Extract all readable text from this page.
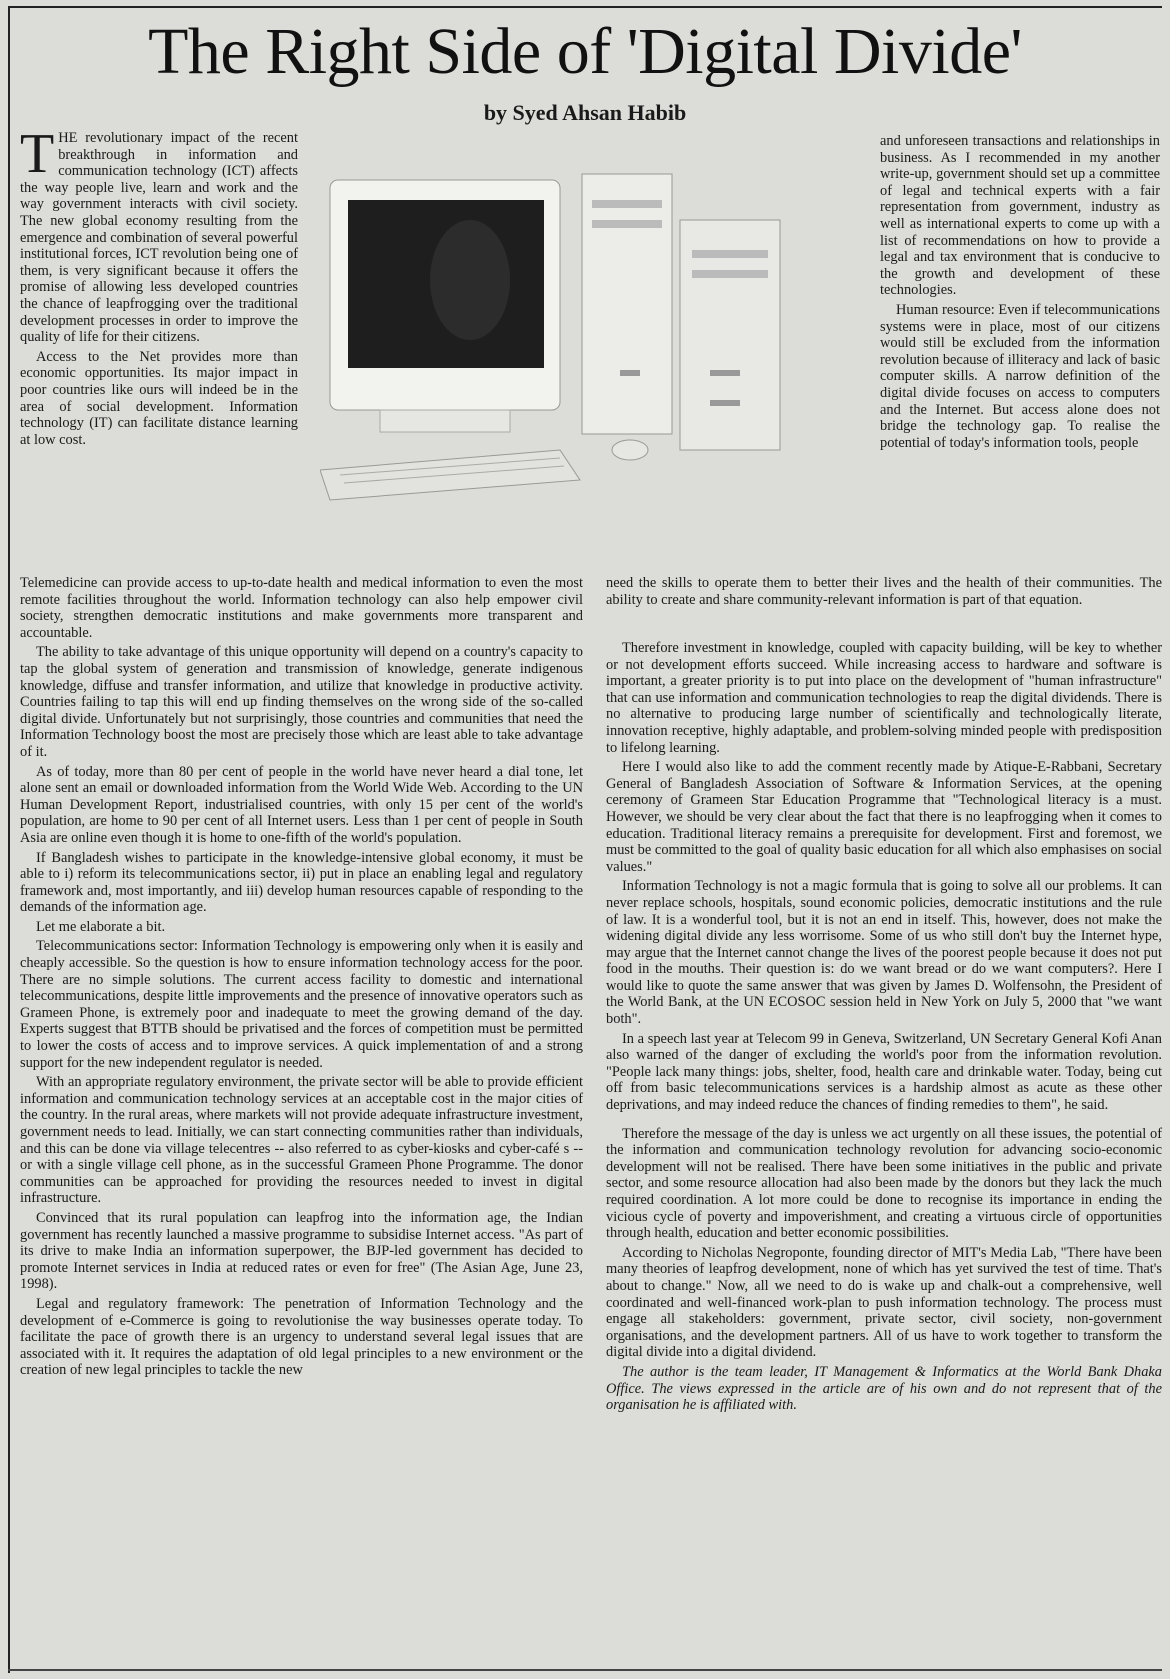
The Right Side of 'Digital Divide'
by Syed Ahsan Habib

THE revolutionary impact of the recent breakthrough in information and communication technology (ICT) affects the way people live, learn and work and the way government interacts with civil society. The new global economy resulting from the emergence and combination of several powerful institutional forces, ICT revolution being one of them, is very significant because it offers the promise of allowing less developed countries the chance of leapfrogging over the traditional development processes in order to improve the quality of life for their citizens.

Access to the Net provides more than economic opportunities. Its major impact in poor countries like ours will indeed be in the area of social development. Information technology (IT) can facilitate distance learning at low cost.

and unforeseen transactions and relationships in business. As I recommended in my another write-up, government should set up a committee of legal and technical experts with a fair representation from government, industry as well as international experts to come up with a list of recommendations on how to provide a legal and tax environment that is conducive to the growth and development of these technologies.

Human resource: Even if telecommunications systems were in place, most of our citizens would still be excluded from the information revolution because of illiteracy and lack of basic computer skills. A narrow definition of the digital divide focuses on access to computers and the Internet. But access alone does not bridge the technology gap. To realise the potential of today's information tools, people

Telemedicine can provide access to up-to-date health and medical information to even the most remote facilities throughout the world. Information technology can also help empower civil society, strengthen democratic institutions and make governments more transparent and accountable.

The ability to take advantage of this unique opportunity will depend on a country's capacity to tap the global system of generation and transmission of knowledge, generate indigenous knowledge, diffuse and transfer information, and utilize that knowledge in productive activity. Countries failing to tap this will end up finding themselves on the wrong side of the so-called digital divide. Unfortunately but not surprisingly, those countries and communities that need the Information Technology boost the most are precisely those which are least able to take advantage of it.

As of today, more than 80 per cent of people in the world have never heard a dial tone, let alone sent an email or downloaded information from the World Wide Web. According to the UN Human Development Report, industrialised countries, with only 15 per cent of the world's population, are home to 90 per cent of all Internet users. Less than 1 per cent of people in South Asia are online even though it is home to one-fifth of the world's population.

If Bangladesh wishes to participate in the knowledge-intensive global economy, it must be able to i) reform its telecommunications sector, ii) put in place an enabling legal and regulatory framework and, most importantly, and iii) develop human resources capable of responding to the demands of the information age.

Let me elaborate a bit.

Telecommunications sector: Information Technology is empowering only when it is easily and cheaply accessible. So the question is how to ensure information technology access for the poor. There are no simple solutions. The current access facility to domestic and international telecommunications, despite little improvements and the presence of innovative operators such as Grameen Phone, is extremely poor and inadequate to meet the growing demand of the day. Experts suggest that BTTB should be privatised and the forces of competition must be permitted to lower the costs of access and to improve services. A quick implementation of and a strong support for the new independent regulator is needed.

With an appropriate regulatory environment, the private sector will be able to provide efficient information and communication technology services at an acceptable cost in the major cities of the country. In the rural areas, where markets will not provide adequate infrastructure investment, government needs to lead. Initially, we can start connecting communities rather than individuals, and this can be done via village telecentres -- also referred to as cyber-kiosks and cyber-café s -- or with a single village cell phone, as in the successful Grameen Phone Programme. The donor communities can be approached for providing the resources needed to invest in digital infrastructure.

Convinced that its rural population can leapfrog into the information age, the Indian government has recently launched a massive programme to subsidise Internet access. "As part of its drive to make India an information superpower, the BJP-led government has decided to promote Internet services in India at reduced rates or even for free" (The Asian Age, June 23, 1998).

Legal and regulatory framework: The penetration of Information Technology and the development of e-Commerce is going to revolutionise the way businesses operate today. To facilitate the pace of growth there is an urgency to understand several legal issues that are associated with it. It requires the adaptation of old legal principles to a new environment or the creation of new legal principles to tackle the new

need the skills to operate them to better their lives and the health of their communities. The ability to create and share community-relevant information is part of that equation.

Therefore investment in knowledge, coupled with capacity building, will be key to whether or not development efforts succeed. While increasing access to hardware and software is important, a greater priority is to put into place on the development of "human infrastructure" that can use information and communication technologies to reap the digital dividends. There is no alternative to producing large number of scientifically and technologically literate, innovation receptive, highly adaptable, and problem-solving minded people with predisposition to lifelong learning.

Here I would also like to add the comment recently made by Atique-E-Rabbani, Secretary General of Bangladesh Association of Software & Information Services, at the opening ceremony of Grameen Star Education Programme that "Technological literacy is a must. However, we should be very clear about the fact that there is no leapfrogging when it comes to education. Traditional literacy remains a prerequisite for development. First and foremost, we must be committed to the goal of quality basic education for all which also emphasises on social values."

Information Technology is not a magic formula that is going to solve all our problems. It can never replace schools, hospitals, sound economic policies, democratic institutions and the rule of law. It is a wonderful tool, but it is not an end in itself. This, however, does not make the widening digital divide any less worrisome. Some of us who still don't buy the Internet hype, may argue that the Internet cannot change the lives of the poorest people because it does not put food in the mouths. Their question is: do we want bread or do we want computers?. Here I would like to quote the same answer that was given by James D. Wolfensohn, the President of the World Bank, at the UN ECOSOC session held in New York on July 5, 2000 that "we want both".

In a speech last year at Telecom 99 in Geneva, Switzerland, UN Secretary General Kofi Anan also warned of the danger of excluding the world's poor from the information revolution. "People lack many things: jobs, shelter, food, health care and drinkable water. Today, being cut off from basic telecommunications services is a hardship almost as acute as these other deprivations, and may indeed reduce the chances of finding remedies to them", he said.

Therefore the message of the day is unless we act urgently on all these issues, the potential of the information and communication technology revolution for advancing socio-economic development will not be realised. There have been some initiatives in the public and private sector, and some resource allocation had also been made by the donors but they lack the much required coordination. A lot more could be done to recognise its importance in ending the vicious cycle of poverty and impoverishment, and creating a virtuous circle of opportunities through health, education and better economic possibilities.

According to Nicholas Negroponte, founding director of MIT's Media Lab, "There have been many theories of leapfrog development, none of which has yet survived the test of time. That's about to change." Now, all we need to do is wake up and chalk-out a comprehensive, well coordinated and well-financed work-plan to push information technology. The process must engage all stakeholders: government, private sector, civil society, non-government organisations, and the development partners. All of us have to work together to transform the digital divide into a digital dividend.

The author is the team leader, IT Management & Informatics at the World Bank Dhaka Office. The views expressed in the article are of his own and do not represent that of the organisation he is affiliated with.
